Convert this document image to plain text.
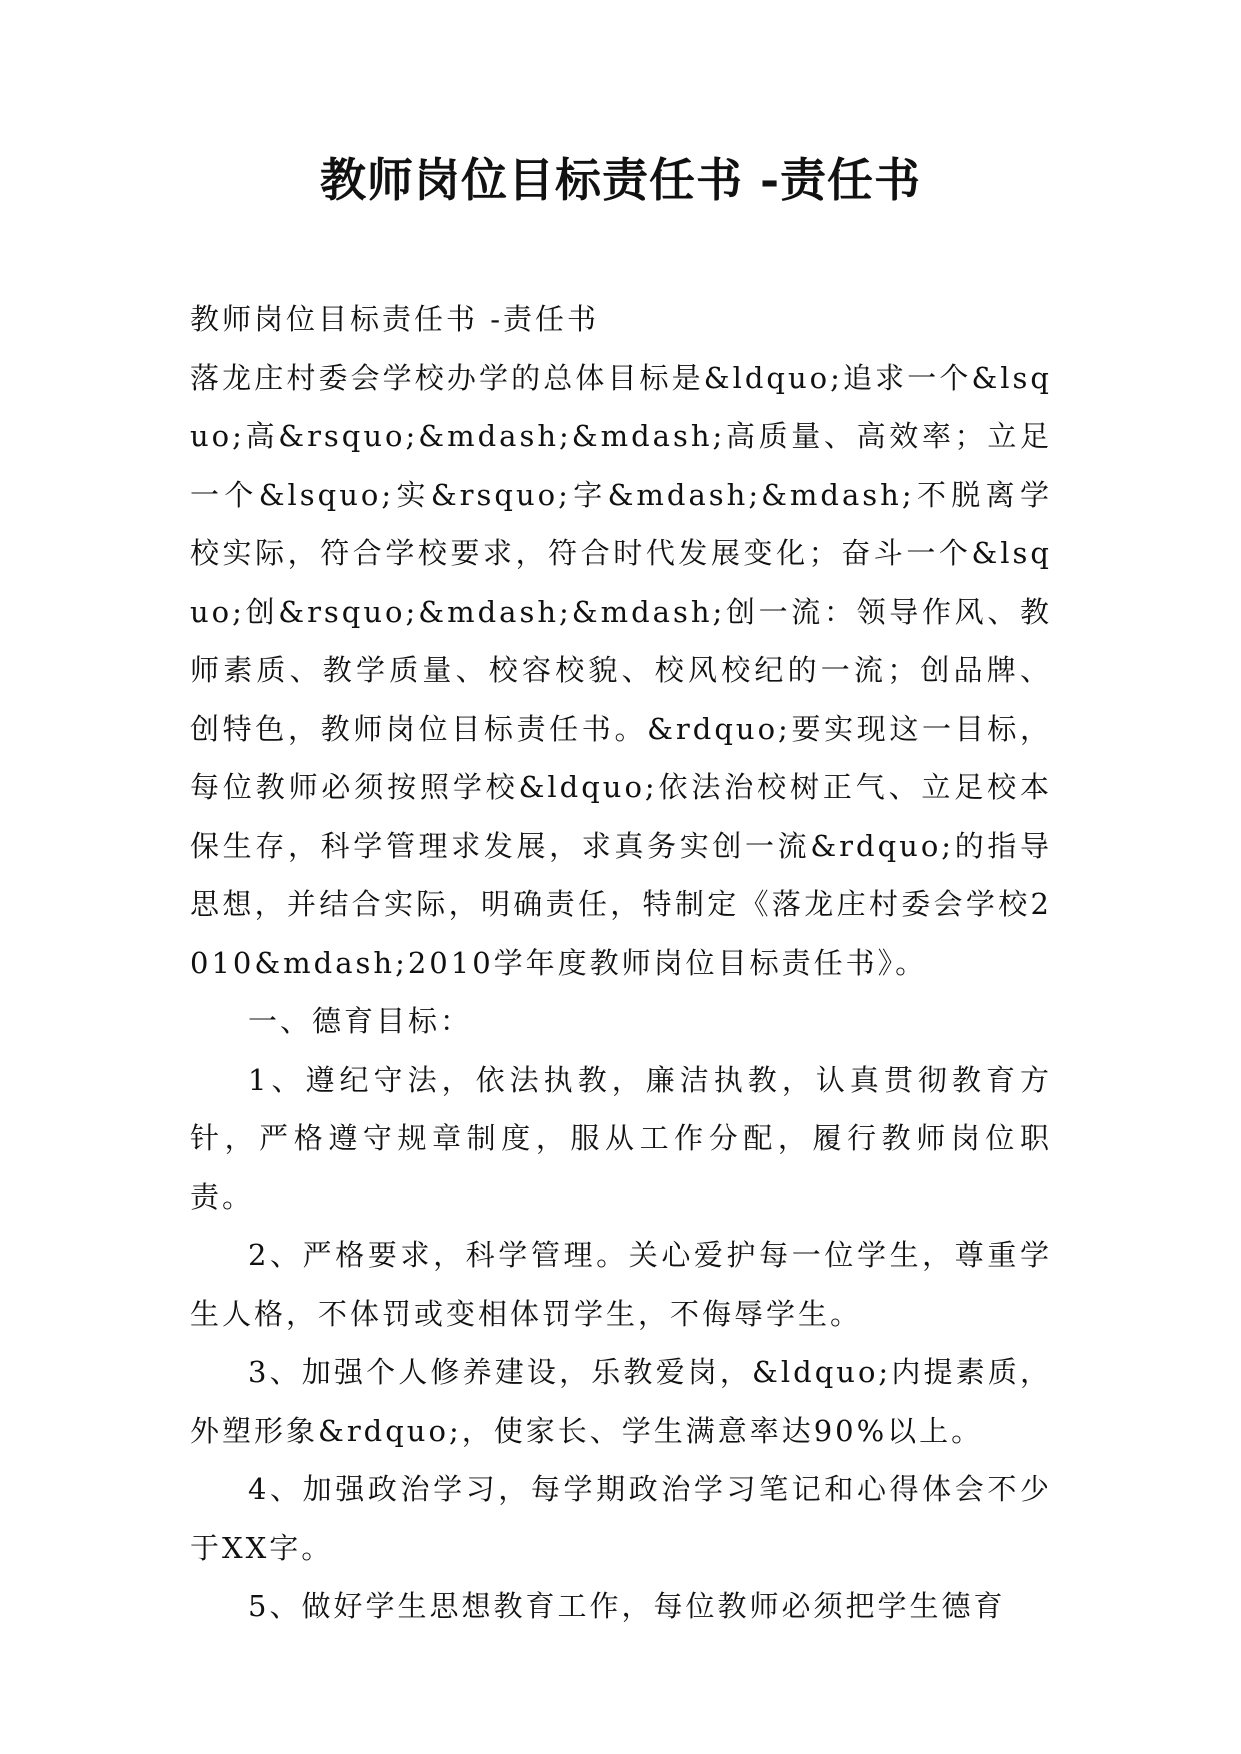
教师岗位目标责任书 -责任书

教师岗位目标责任书 -责任书

落龙庄村委会学校办学的总体目标是&ldquo;追求一个&lsquo;高&rsquo;&mdash;&mdash;高质量、高效率；立足一个&lsquo;实&rsquo;字&mdash;&mdash;不脱离学校实际，符合学校要求，符合时代发展变化；奋斗一个&lsquo;创&rsquo;&mdash;&mdash;创一流：领导作风、教师素质、教学质量、校容校貌、校风校纪的一流；创品牌、创特色，教师岗位目标责任书。&rdquo;要实现这一目标，每位教师必须按照学校&ldquo;依法治校树正气、立足校本保生存，科学管理求发展，求真务实创一流&rdquo;的指导思想，并结合实际，明确责任，特制定《落龙庄村委会学校2010&mdash;2010学年度教师岗位目标责任书》。

一、德育目标：

1、遵纪守法，依法执教，廉洁执教，认真贯彻教育方针，严格遵守规章制度，服从工作分配，履行教师岗位职责。

2、严格要求，科学管理。关心爱护每一位学生，尊重学生人格，不体罚或变相体罚学生，不侮辱学生。

3、加强个人修养建设，乐教爱岗，&ldquo;内提素质，外塑形象&rdquo;，使家长、学生满意率达90%以上。

4、加强政治学习，每学期政治学习笔记和心得体会不少于XX字。

5、做好学生思想教育工作，每位教师必须把学生德育
